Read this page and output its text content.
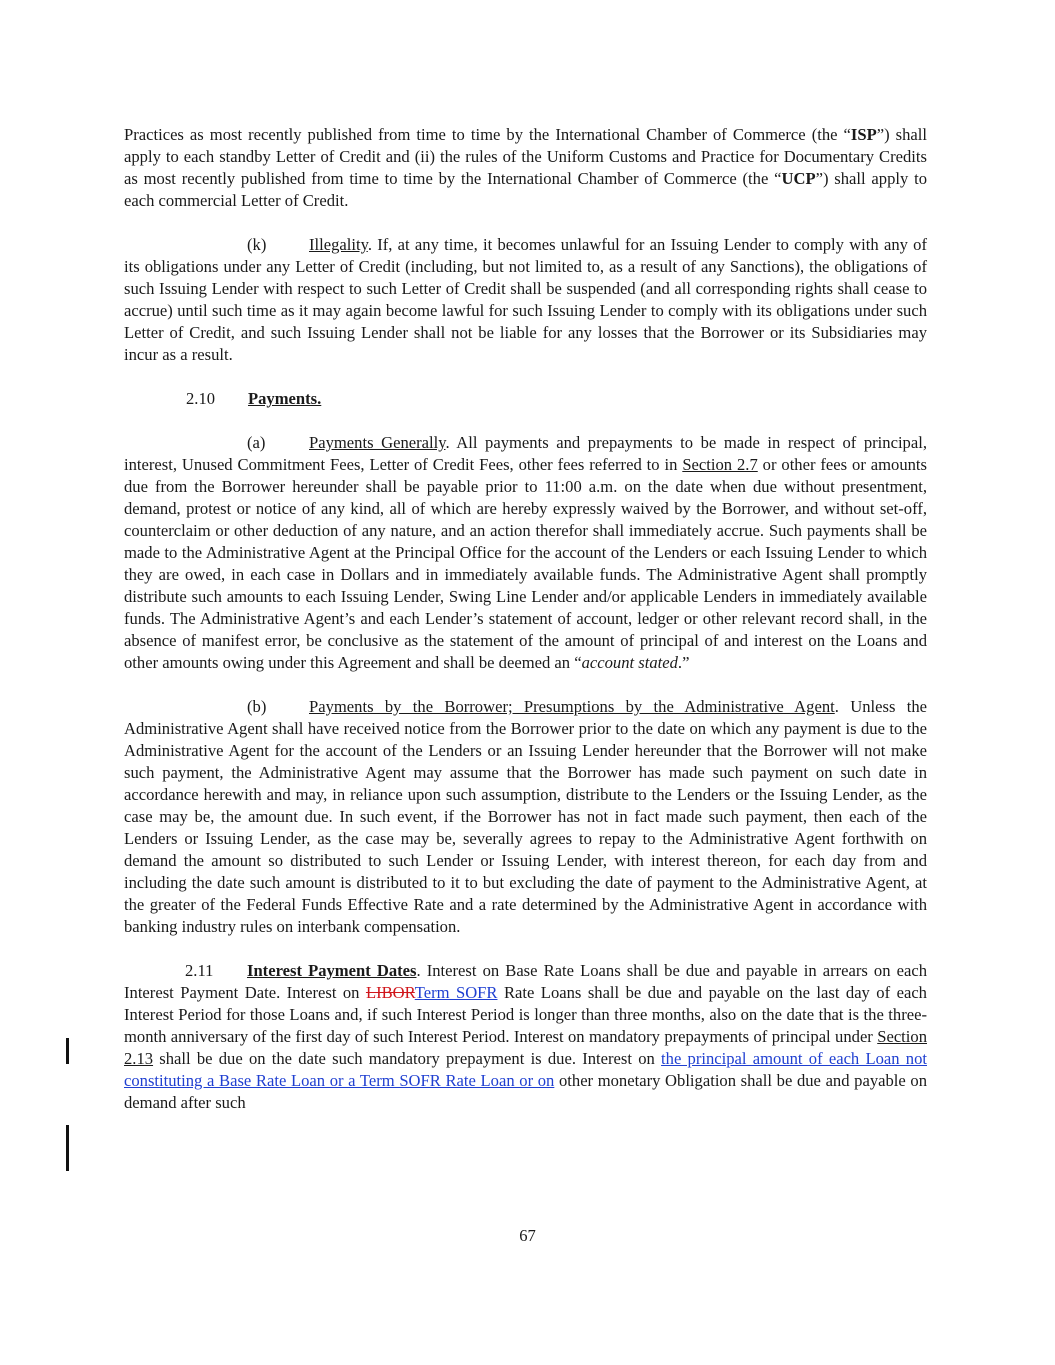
Practices as most recently published from time to time by the International Chamber of Commerce (the “ISP”) shall apply to each standby Letter of Credit and (ii) the rules of the Uniform Customs and Practice for Documentary Credits as most recently published from time to time by the International Chamber of Commerce (the “UCP”) shall apply to each commercial Letter of Credit.

(k)	Illegality. If, at any time, it becomes unlawful for an Issuing Lender to comply with any of its obligations under any Letter of Credit (including, but not limited to, as a result of any Sanctions), the obligations of such Issuing Lender with respect to such Letter of Credit shall be suspended (and all corresponding rights shall cease to accrue) until such time as it may again become lawful for such Issuing Lender to comply with its obligations under such Letter of Credit, and such Issuing Lender shall not be liable for any losses that the Borrower or its Subsidiaries may incur as a result.

2.10 Payments.

(a)	Payments Generally. All payments and prepayments to be made in respect of principal, interest, Unused Commitment Fees, Letter of Credit Fees, other fees referred to in Section 2.7 or other fees or amounts due from the Borrower hereunder shall be payable prior to 11:00 a.m. on the date when due without presentment, demand, protest or notice of any kind, all of which are hereby expressly waived by the Borrower, and without set-off, counterclaim or other deduction of any nature, and an action therefor shall immediately accrue. Such payments shall be made to the Administrative Agent at the Principal Office for the account of the Lenders or each Issuing Lender to which they are owed, in each case in Dollars and in immediately available funds. The Administrative Agent shall promptly distribute such amounts to each Issuing Lender, Swing Line Lender and/or applicable Lenders in immediately available funds. The Administrative Agent’s and each Lender’s statement of account, ledger or other relevant record shall, in the absence of manifest error, be conclusive as the statement of the amount of principal of and interest on the Loans and other amounts owing under this Agreement and shall be deemed an “account stated.”

(b)	Payments by the Borrower; Presumptions by the Administrative Agent. Unless the Administrative Agent shall have received notice from the Borrower prior to the date on which any payment is due to the Administrative Agent for the account of the Lenders or an Issuing Lender hereunder that the Borrower will not make such payment, the Administrative Agent may assume that the Borrower has made such payment on such date in accordance herewith and may, in reliance upon such assumption, distribute to the Lenders or the Issuing Lender, as the case may be, the amount due. In such event, if the Borrower has not in fact made such payment, then each of the Lenders or Issuing Lender, as the case may be, severally agrees to repay to the Administrative Agent forthwith on demand the amount so distributed to such Lender or Issuing Lender, with interest thereon, for each day from and including the date such amount is distributed to it to but excluding the date of payment to the Administrative Agent, at the greater of the Federal Funds Effective Rate and a rate determined by the Administrative Agent in accordance with banking industry rules on interbank compensation.

2.11 Interest Payment Dates. Interest on Base Rate Loans shall be due and payable in arrears on each Interest Payment Date. Interest on LIBORTerm SOFR Rate Loans shall be due and payable on the last day of each Interest Period for those Loans and, if such Interest Period is longer than three months, also on the date that is the three-month anniversary of the first day of such Interest Period. Interest on mandatory prepayments of principal under Section 2.13 shall be due on the date such mandatory prepayment is due. Interest on the principal amount of each Loan not constituting a Base Rate Loan or a Term SOFR Rate Loan or on other monetary Obligation shall be due and payable on demand after such

67
